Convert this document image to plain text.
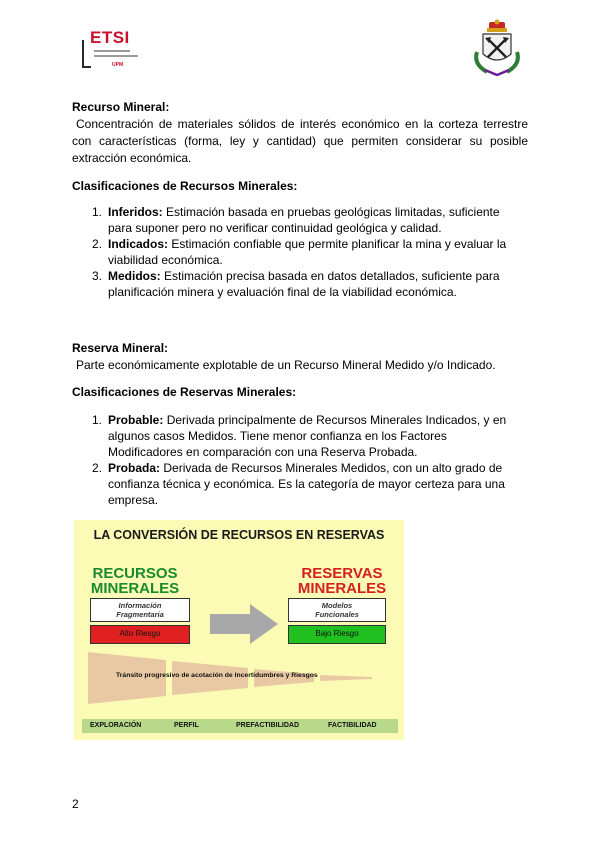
ETSI
UPM
Recurso Mineral:
Concentración de materiales sólidos de interés económico en la corteza terrestre con características (forma, ley y cantidad) que permiten considerar su posible extracción económica.
Clasificaciones de Recursos Minerales:
1. Inferidos: Estimación basada en pruebas geológicas limitadas, suficiente para suponer pero no verificar continuidad geológica y calidad.
2. Indicados: Estimación confiable que permite planificar la mina y evaluar la viabilidad económica.
3. Medidos: Estimación precisa basada en datos detallados, suficiente para planificación minera y evaluación final de la viabilidad económica.
Reserva Mineral:
Parte económicamente explotable de un Recurso Mineral Medido y/o Indicado.
Clasificaciones de Reservas Minerales:
1. Probable: Derivada principalmente de Recursos Minerales Indicados, y en algunos casos Medidos. Tiene menor confianza en los Factores Modificadores en comparación con una Reserva Probada.
2. Probada: Derivada de Recursos Minerales Medidos, con un alto grado de confianza técnica y económica. Es la categoría de mayor certeza para una empresa.
LA CONVERSIÓN DE RECURSOS EN RESERVAS
RECURSOS
MINERALES
RESERVAS
MINERALES
Información
Fragmentaria
Alto Riesgo
Modelos
Funcionales
Bajo Riesgo
Tránsito progresivo de acotación de Incertidumbres y Riesgos
EXPLORACIÓN	PERFIL	PREFACTIBILIDAD	FACTIBILIDAD
2
